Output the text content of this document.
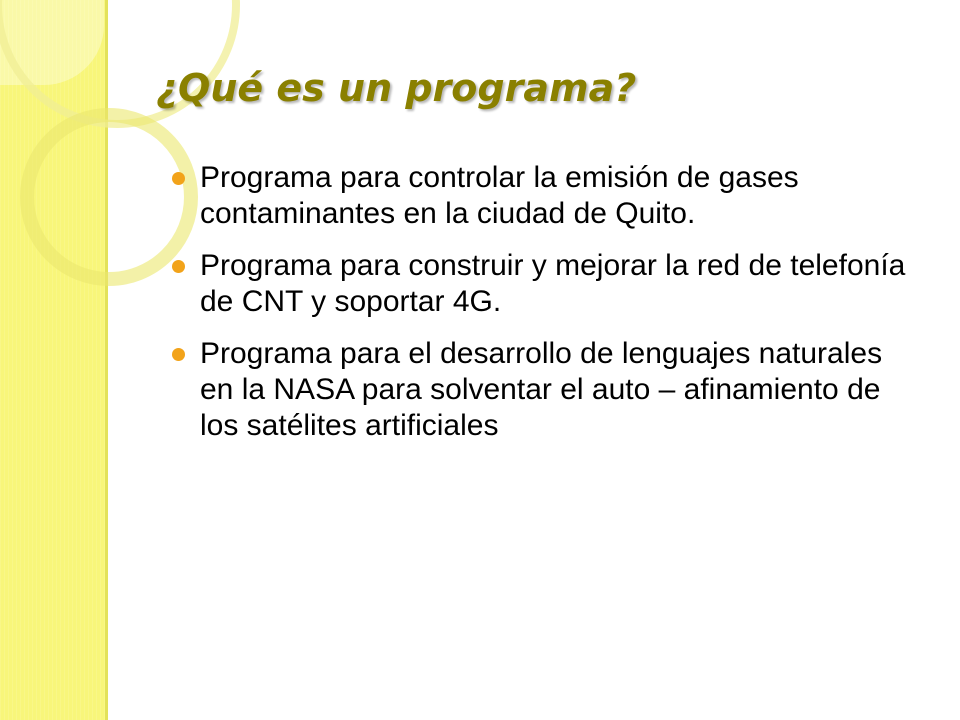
¿Qué es un programa?
Programa para controlar la emisión de gases contaminantes en la ciudad de Quito.
Programa para construir y mejorar la red de telefonía de CNT y soportar 4G.
Programa para el desarrollo de lenguajes naturales en la NASA para solventar el auto – afinamiento de los satélites artificiales
